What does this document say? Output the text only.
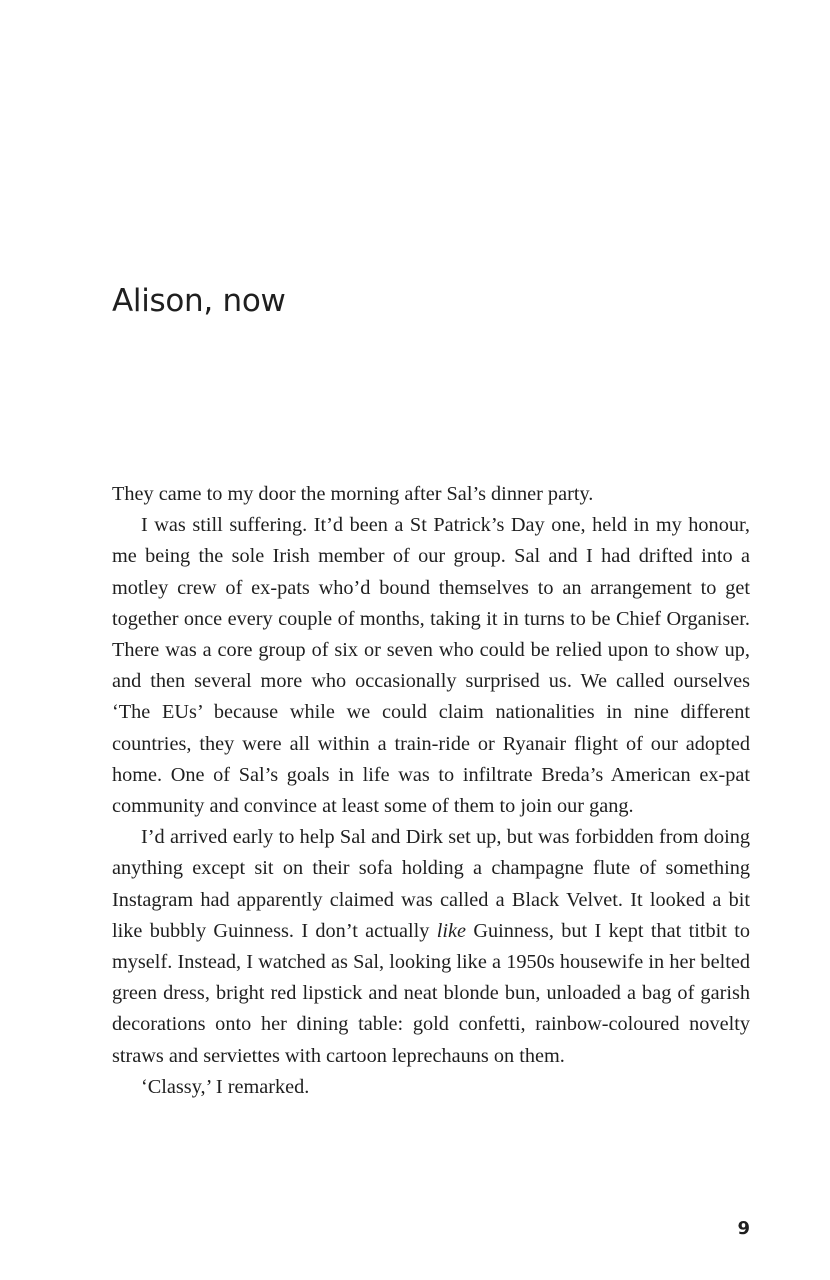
Alison, now

They came to my door the morning after Sal’s dinner party.

I was still suffering. It’d been a St Patrick’s Day one, held in my honour, me being the sole Irish member of our group. Sal and I had drifted into a motley crew of ex-pats who’d bound themselves to an arrangement to get together once every couple of months, taking it in turns to be Chief Organiser. There was a core group of six or seven who could be relied upon to show up, and then several more who occasionally surprised us. We called ourselves ‘The EUs’ because while we could claim nationalities in nine different countries, they were all within a train-ride or Ryanair flight of our adopted home. One of Sal’s goals in life was to infiltrate Breda’s American ex-pat community and convince at least some of them to join our gang.

I’d arrived early to help Sal and Dirk set up, but was forbidden from doing anything except sit on their sofa holding a champagne flute of something Instagram had apparently claimed was called a Black Velvet. It looked a bit like bubbly Guinness. I don’t actually like Guinness, but I kept that titbit to myself. Instead, I watched as Sal, looking like a 1950s housewife in her belted green dress, bright red lipstick and neat blonde bun, unloaded a bag of garish decorations onto her dining table: gold confetti, rainbow-coloured novelty straws and serviettes with cartoon leprechauns on them.

‘Classy,’ I remarked.

9
